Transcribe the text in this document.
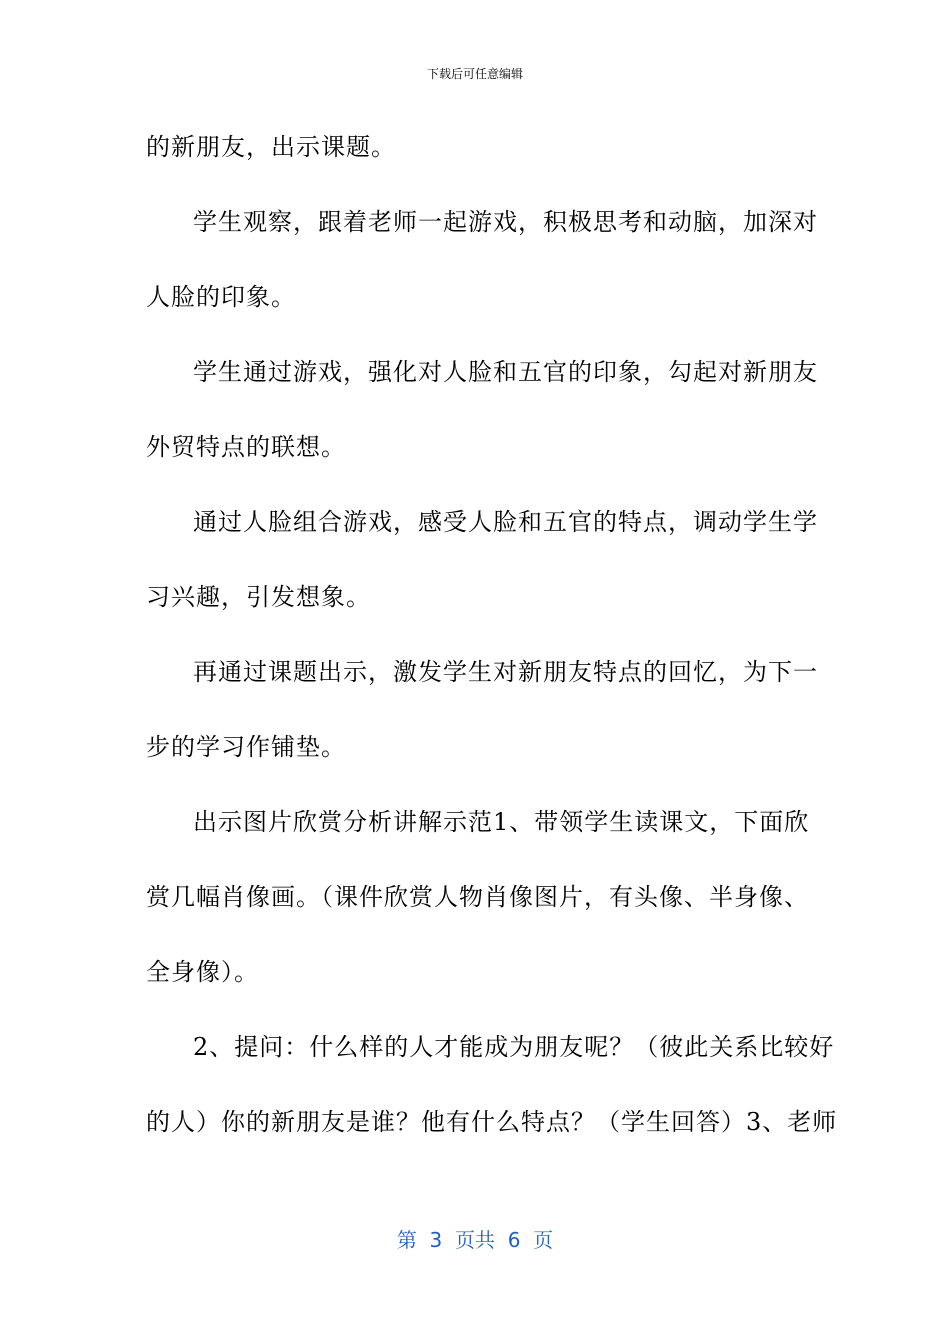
下载后可任意编辑
的新朋友，出示课题。
学生观察，跟着老师一起游戏，积极思考和动脑，加深对
人脸的印象。
学生通过游戏，强化对人脸和五官的印象，勾起对新朋友
外贸特点的联想。
通过人脸组合游戏，感受人脸和五官的特点，调动学生学
习兴趣，引发想象。
再通过课题出示，激发学生对新朋友特点的回忆，为下一
步的学习作铺垫。
出示图片欣赏分析讲解示范1、带领学生读课文，下面欣
赏几幅肖像画。（课件欣赏人物肖像图片，有头像、半身像、
全身像）。
2、提问：什么样的人才能成为朋友呢？（彼此关系比较好
的人）你的新朋友是谁？他有什么特点？（学生回答）3、老师
第  3  页共  6  页
